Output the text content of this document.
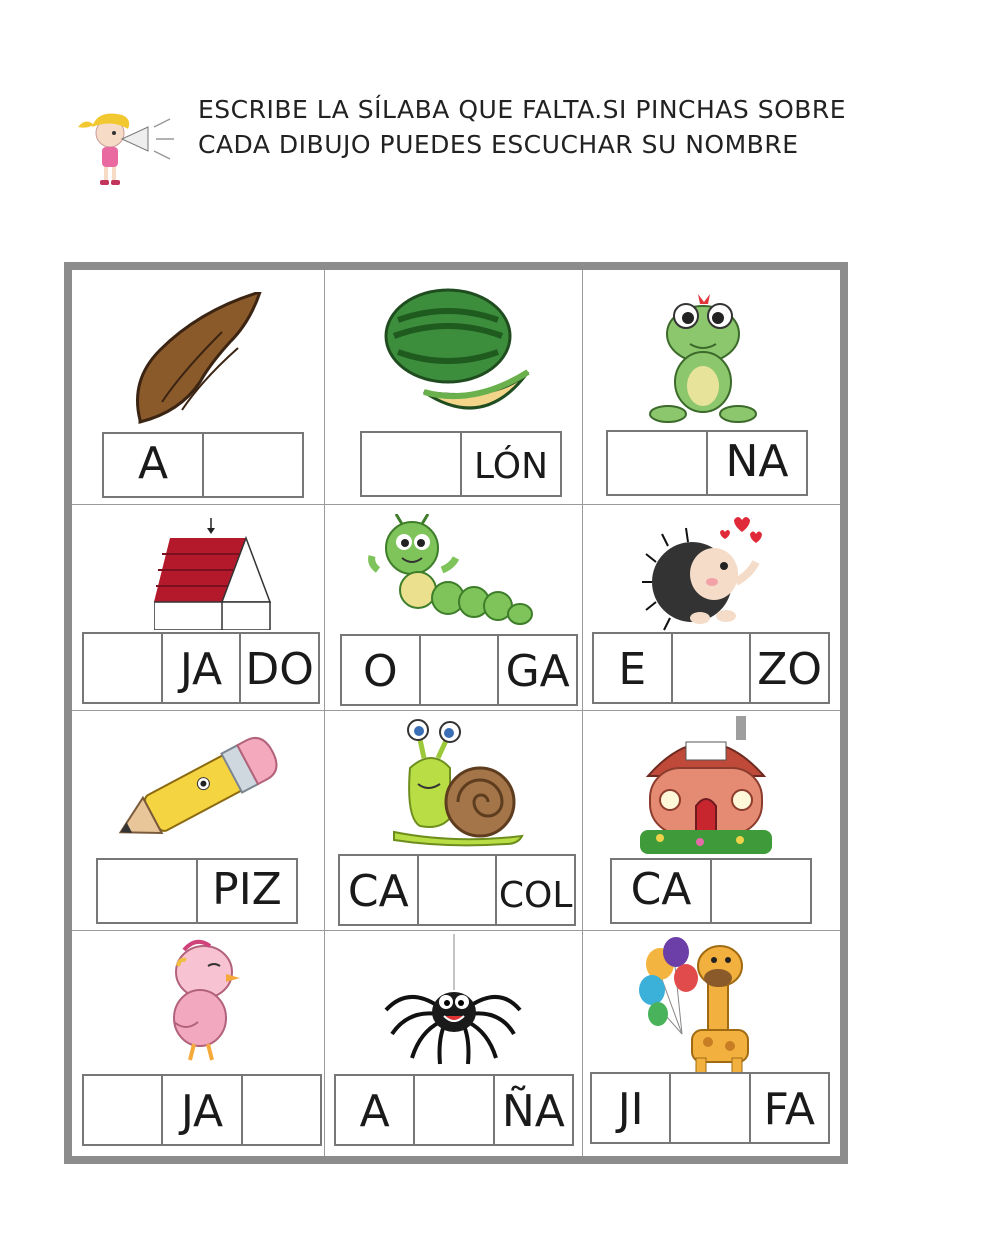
ESCRIBE LA SÍLABA QUE FALTA.SI PINCHAS SOBRE CADA DIBUJO PUEDES ESCUCHAR SU NOMBRE
A	LÓN	NA
JA DO	O	GA	E	ZO
PIZ	CA	COL	CA
JA	A	ÑA	JI	FA
